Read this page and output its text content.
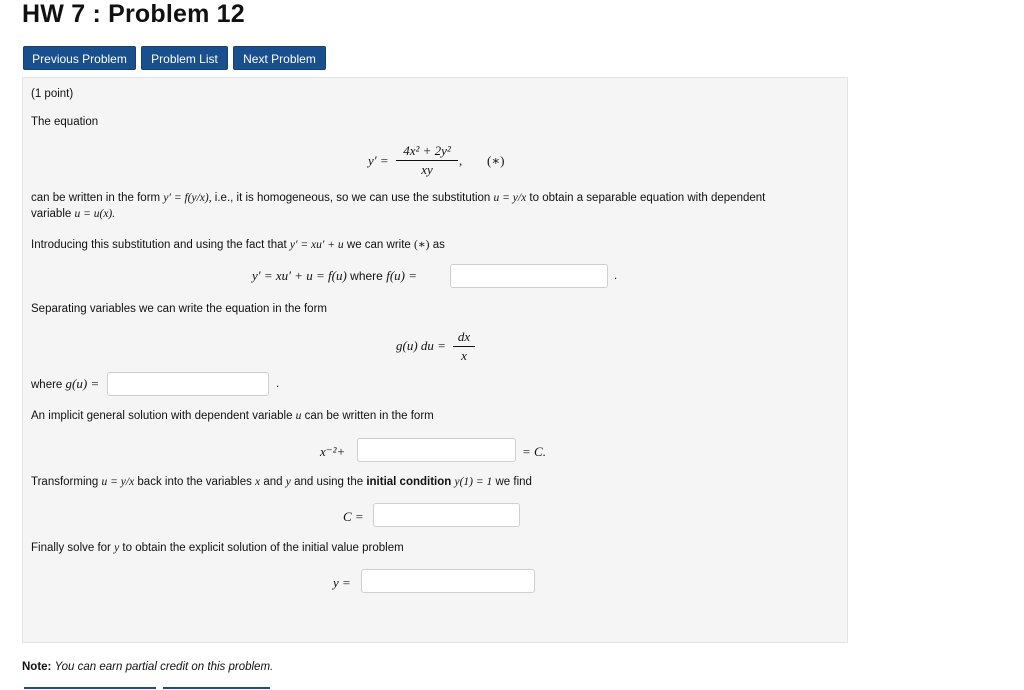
HW 7 : Problem 12
Previous Problem	Problem List	Next Problem
(1 point)
The equation
y′ =
4x² + 2y²
xy
, (∗)
can be written in the form y′ = f(y/x), i.e., it is homogeneous, so we can use the substitution u = y/x to obtain a separable equation with dependent
variable u = u(x).
Introducing this substitution and using the fact that y′ = xu′ + u we can write (∗) as
y′ = xu′ + u = f(u) where f(u) =	.
Separating variables we can write the equation in the form
g(u) du =
dx
x
where g(u) =	.
An implicit general solution with dependent variable u can be written in the form
x⁻²+	= C.
Transforming u = y/x back into the variables x and y and using the initial condition y(1) = 1 we find
C =
Finally solve for y to obtain the explicit solution of the initial value problem
y =
Note: You can earn partial credit on this problem.
